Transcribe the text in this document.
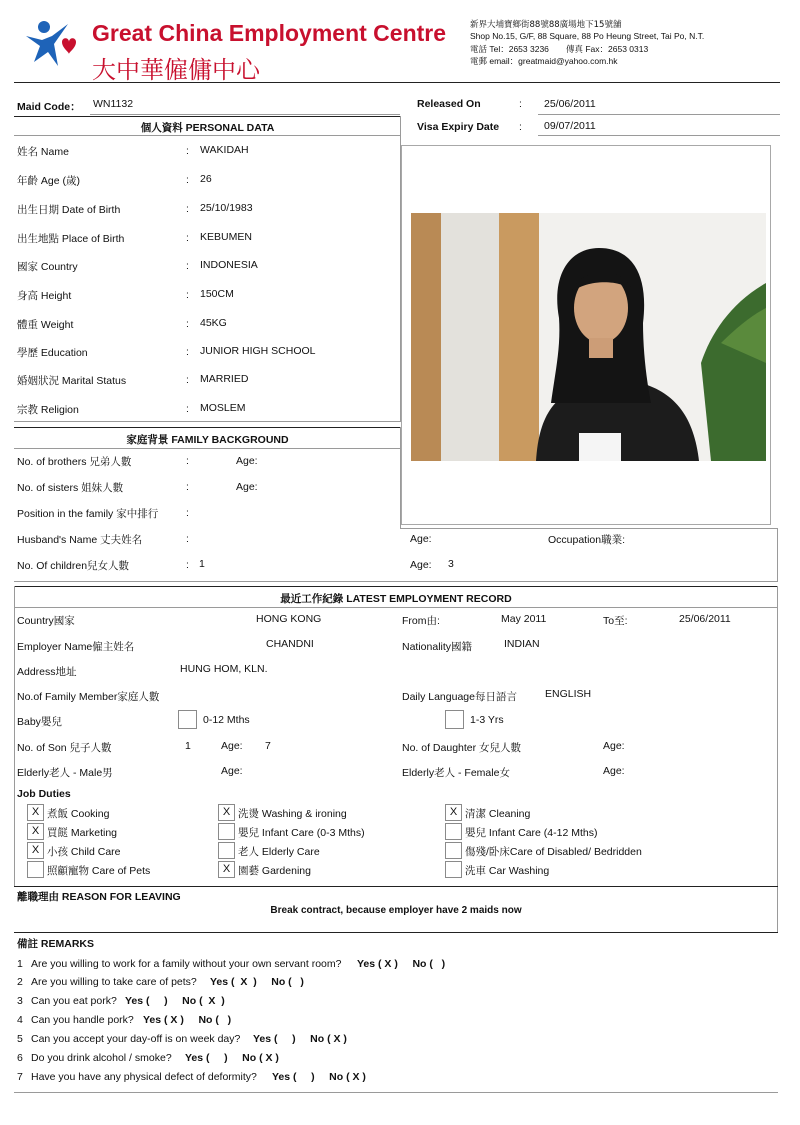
Great China Employment Centre
大中華僱傭中心
新界大埔寶鄉街88號88廣場地下15號舖
Shop No.15, G/F, 88 Square, 88 Po Heung Street, Tai Po, N.T.
電話 Tel：2653 3236 傳真 Fax：2653 0313
電郵 email：greatmaid@yahoo.com.hk
Maid Code： WN1132	Released On	: 25/06/2011
Visa Expiry Date : 09/07/2011
個人資料 PERSONAL DATA
姓名 Name	: WAKIDAH
年齡 Age (歲)	: 26
出生日期 Date of Birth	: 25/10/1983
出生地點 Place of Birth	: KEBUMEN
國家 Country	: INDONESIA
身高 Height	: 150CM
體重 Weight	: 45KG
學歷 Education	: JUNIOR HIGH SCHOOL
婚姻狀況 Marital Status	: MARRIED
宗教 Religion	: MOSLEM
家庭背景 FAMILY BACKGROUND
No. of brothers 兄弟人數	:	Age:
No. of sisters 姐妹人數	:	Age:
Position in the family 家中排行	:
Husband's Name 丈夫姓名	:	Age:	Occupation職業:
No. Of children兒女人數	: 1	Age: 3
最近工作紀錄 LATEST EMPLOYMENT RECORD
Country國家	HONG KONG	From由:	May 2011	To至:	25/06/2011
Employer Name僱主姓名	CHANDNI	Nationality國籍	INDIAN
Address地址	HUNG HOM, KLN.
No.of Family Member家庭人數	Daily Language每日語言	ENGLISH
Baby嬰兒	0-12 Mths	1-3 Yrs
No. of Son 兒子人數	1	Age: 7	No. of Daughter 女兒人數	Age:
Elderly老人 - Male男	Age:	Elderly老人 - Female女	Age:
Job Duties
X 煮飯 Cooking	X 洗燙 Washing & ironing	X 清潔 Cleaning
X 買餸 Marketing	嬰兒 Infant Care (0-3 Mths)	嬰兒 Infant Care (4-12 Mths)
X 小孩 Child Care	老人 Elderly Care	傷殘/卧床Care of Disabled/ Bedridden
照顧寵物 Care of Pets	X 園藝 Gardening	洗車 Car Washing
離職理由 REASON FOR LEAVING
Break contract, because employer have 2 maids now
備註 REMARKS
1 Are you willing to work for a family without your own servant room? Yes ( X )     No (   )
2 Are you willing to take care of pets? Yes (  X  )     No (   )
3 Can you eat pork? Yes (     )     No (  X  )
4 Can you handle pork? Yes ( X )     No (   )
5 Can you accept your day-off is on week day? Yes (     )     No ( X )
6 Do you drink alcohol / smoke? Yes (     )     No ( X )
7 Have you have any physical defect of deformity? Yes (     )     No ( X )
